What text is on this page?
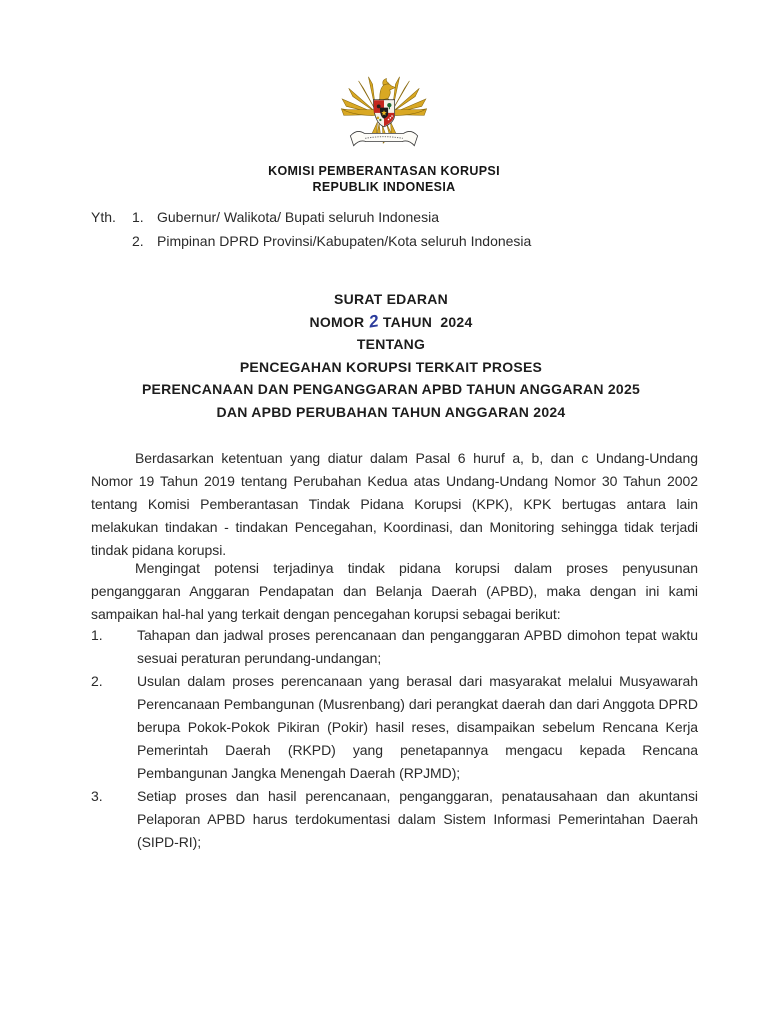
KOMISI PEMBERANTASAN KORUPSI
REPUBLIK INDONESIA
Yth.	1. Gubernur/ Walikota/ Bupati seluruh Indonesia
2. Pimpinan DPRD Provinsi/Kabupaten/Kota seluruh Indonesia
SURAT EDARAN
NOMOR 2 TAHUN  2024
TENTANG
PENCEGAHAN KORUPSI TERKAIT PROSES
PERENCANAAN DAN PENGANGGARAN APBD TAHUN ANGGARAN 2025
DAN APBD PERUBAHAN TAHUN ANGGARAN 2024
Berdasarkan ketentuan yang diatur dalam Pasal 6 huruf a, b, dan c Undang-Undang Nomor 19 Tahun 2019 tentang Perubahan Kedua atas Undang-Undang Nomor 30 Tahun 2002 tentang Komisi Pemberantasan Tindak Pidana Korupsi (KPK), KPK bertugas antara lain melakukan tindakan - tindakan Pencegahan, Koordinasi, dan Monitoring sehingga tidak terjadi tindak pidana korupsi.
Mengingat potensi terjadinya tindak pidana korupsi dalam proses penyusunan penganggaran Anggaran Pendapatan dan Belanja Daerah (APBD), maka dengan ini kami sampaikan hal-hal yang terkait dengan pencegahan korupsi sebagai berikut:
1.	Tahapan dan jadwal proses perencanaan dan penganggaran APBD dimohon tepat waktu sesuai peraturan perundang-undangan;
2.	Usulan dalam proses perencanaan yang berasal dari masyarakat melalui Musyawarah Perencanaan Pembangunan (Musrenbang) dari perangkat daerah dan dari Anggota DPRD berupa Pokok-Pokok Pikiran (Pokir) hasil reses, disampaikan sebelum Rencana Kerja Pemerintah Daerah (RKPD) yang penetapannya mengacu kepada Rencana Pembangunan Jangka Menengah Daerah (RPJMD);
3.	Setiap proses dan hasil perencanaan, penganggaran, penatausahaan dan akuntansi Pelaporan APBD harus terdokumentasi dalam Sistem Informasi Pemerintahan Daerah (SIPD-RI);
